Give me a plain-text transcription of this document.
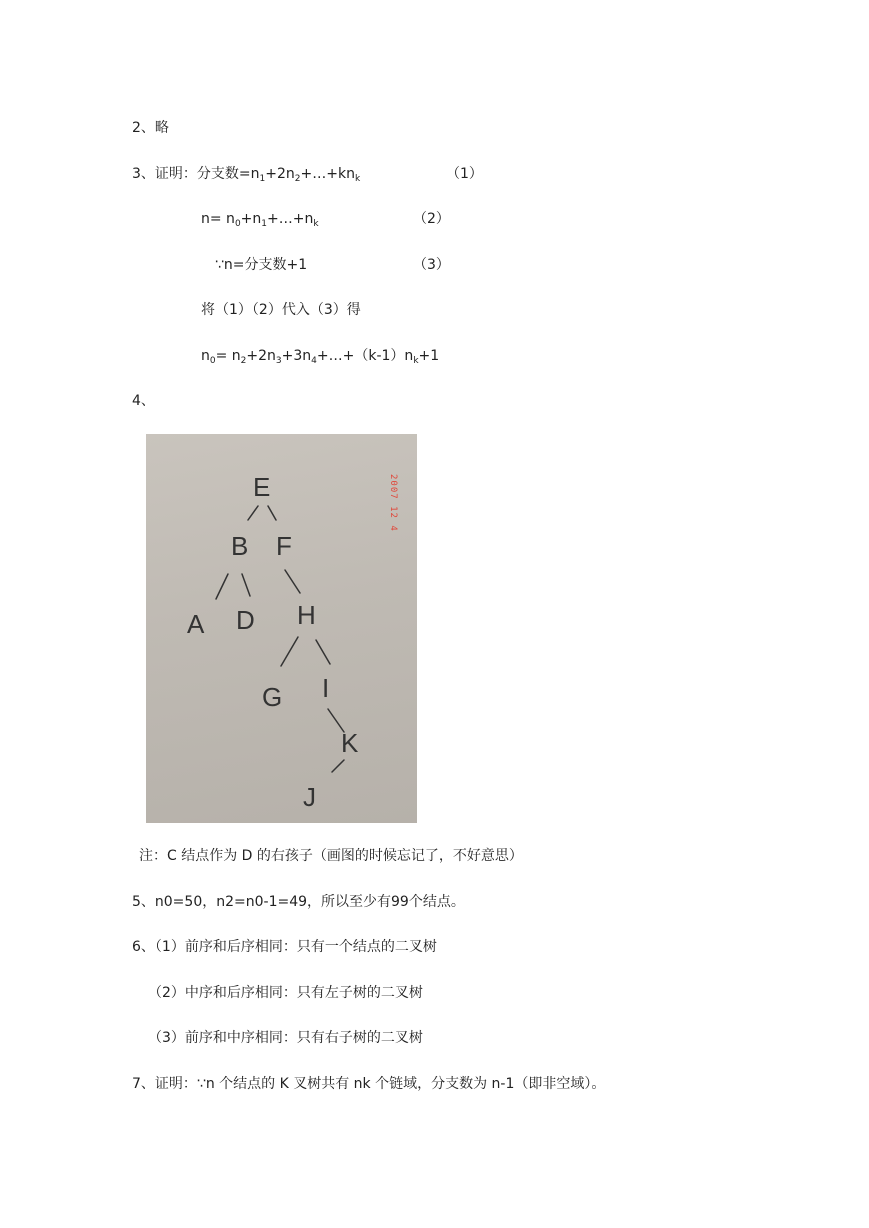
2、略
3、证明：分支数$=n_1+2n_2+\dots+kn_k$	（1）
$n= n_0+n_1+\dots+n_k$	（2）
∵n=分支数+1	（3）
将（1）（2）代入（3）得
$n_0=$ $n_2+2n_3+3n_4+\dots+(k-1)n_k+1$
4、
E
B F
A D H
G I
K
J
2007 12 4
注：C 结点作为 D 的右孩子（画图的时候忘记了，不好意思）
5、n0=50，n2=n0-1=49，所以至少有99个结点。
6、（1）前序和后序相同：只有一个结点的二叉树
（2）中序和后序相同：只有左子树的二叉树
（3）前序和中序相同：只有右子树的二叉树
7、证明：∵n 个结点的 K 叉树共有 nk 个链域，分支数为 n-1（即非空域）。
